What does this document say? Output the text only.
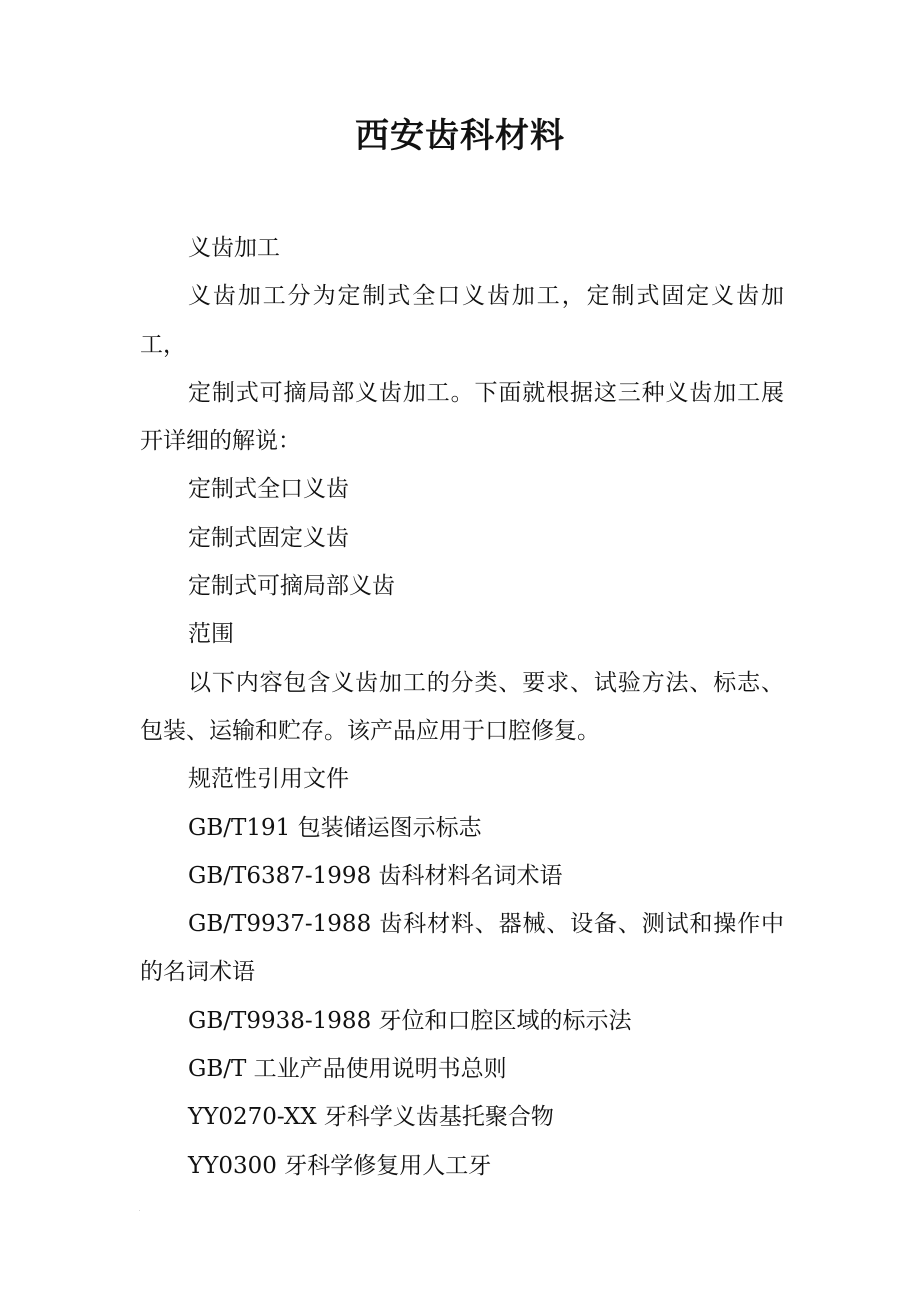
西安齿科材料

义齿加工

义齿加工分为定制式全口义齿加工，定制式固定义齿加工，

定制式可摘局部义齿加工。下面就根据这三种义齿加工展开详细的解说：

定制式全口义齿

定制式固定义齿

定制式可摘局部义齿

范围

以下内容包含义齿加工的分类、要求、试验方法、标志、包装、运输和贮存。该产品应用于口腔修复。

规范性引用文件

GB/T191 包装储运图示标志

GB/T6387-1998 齿科材料名词术语

GB/T9937-1988 齿科材料、器械、设备、测试和操作中的名词术语

GB/T9938-1988 牙位和口腔区域的标示法

GB/T 工业产品使用说明书总则

YY0270-XX 牙科学义齿基托聚合物

YY0300 牙科学修复用人工牙
